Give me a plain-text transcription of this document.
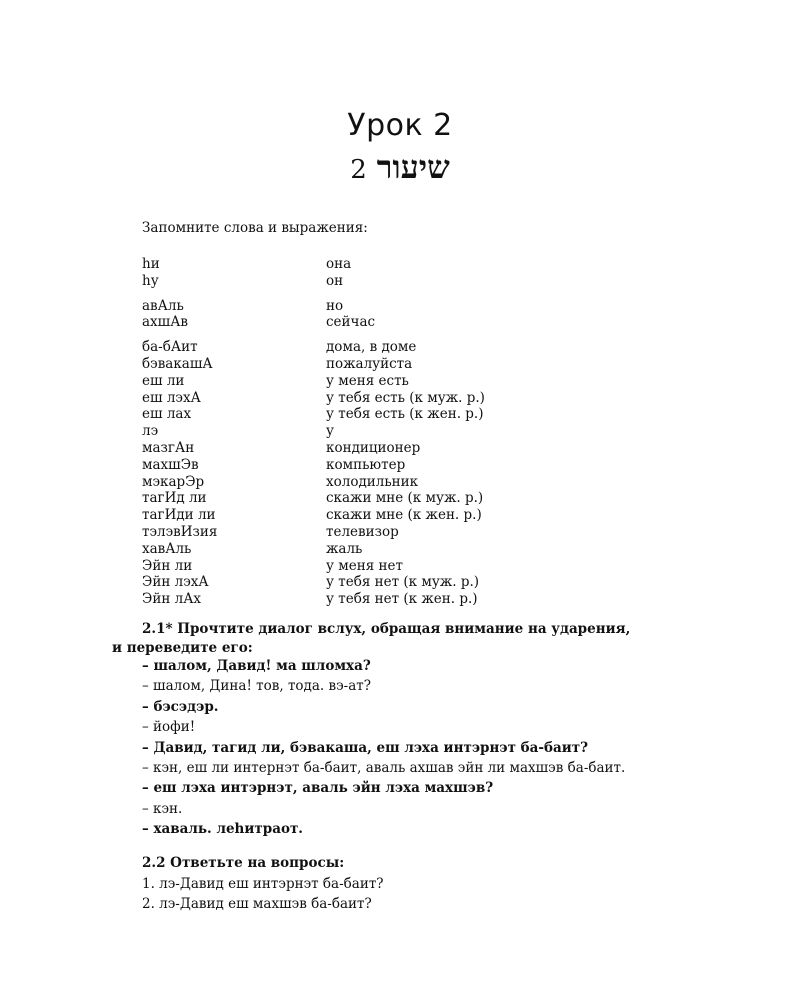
Урок 2
2 שיעור
Запомните слова и выражения:
hи	она
hу	он
авАль	но
ахшАв	сейчас
ба-бАит	дома, в доме
бэвакашА	пожалуйста
еш ли	у меня есть
еш лэхА	у тебя есть (к муж. р.)
еш лах	у тебя есть (к жен. р.)
лэ	у
мазгАн	кондиционер
махшЭв	компьютер
мэкарЭр	холодильник
тагИд ли	скажи мне (к муж. р.)
тагИди ли	скажи мне (к жен. р.)
тэлэвИзия	телевизор
хавАль	жаль
Эйн ли	у меня нет
Эйн лэхА	у тебя нет (к муж. р.)
Эйн лАх	у тебя нет (к жен. р.)
2.1* Прочтите диалог вслух, обращая внимание на ударения,
и переведите его:
– шалом, Давид! ма шломха?
– шалом, Дина! тов, тода. вэ-ат?
– бэсэдэр.
– йофи!
– Давид, тагид ли, бэвакаша, еш лэха интэрнэт ба-баит?
– кэн, еш ли интернэт ба-баит, аваль ахшав эйн ли махшэв ба-баит.
– еш лэха интэрнэт, аваль эйн лэха махшэв?
– кэн.
– хаваль. леhитраот.
2.2 Ответьте на вопросы:
1. лэ-Давид еш интэрнэт ба-баит?
2. лэ-Давид еш махшэв ба-баит?
